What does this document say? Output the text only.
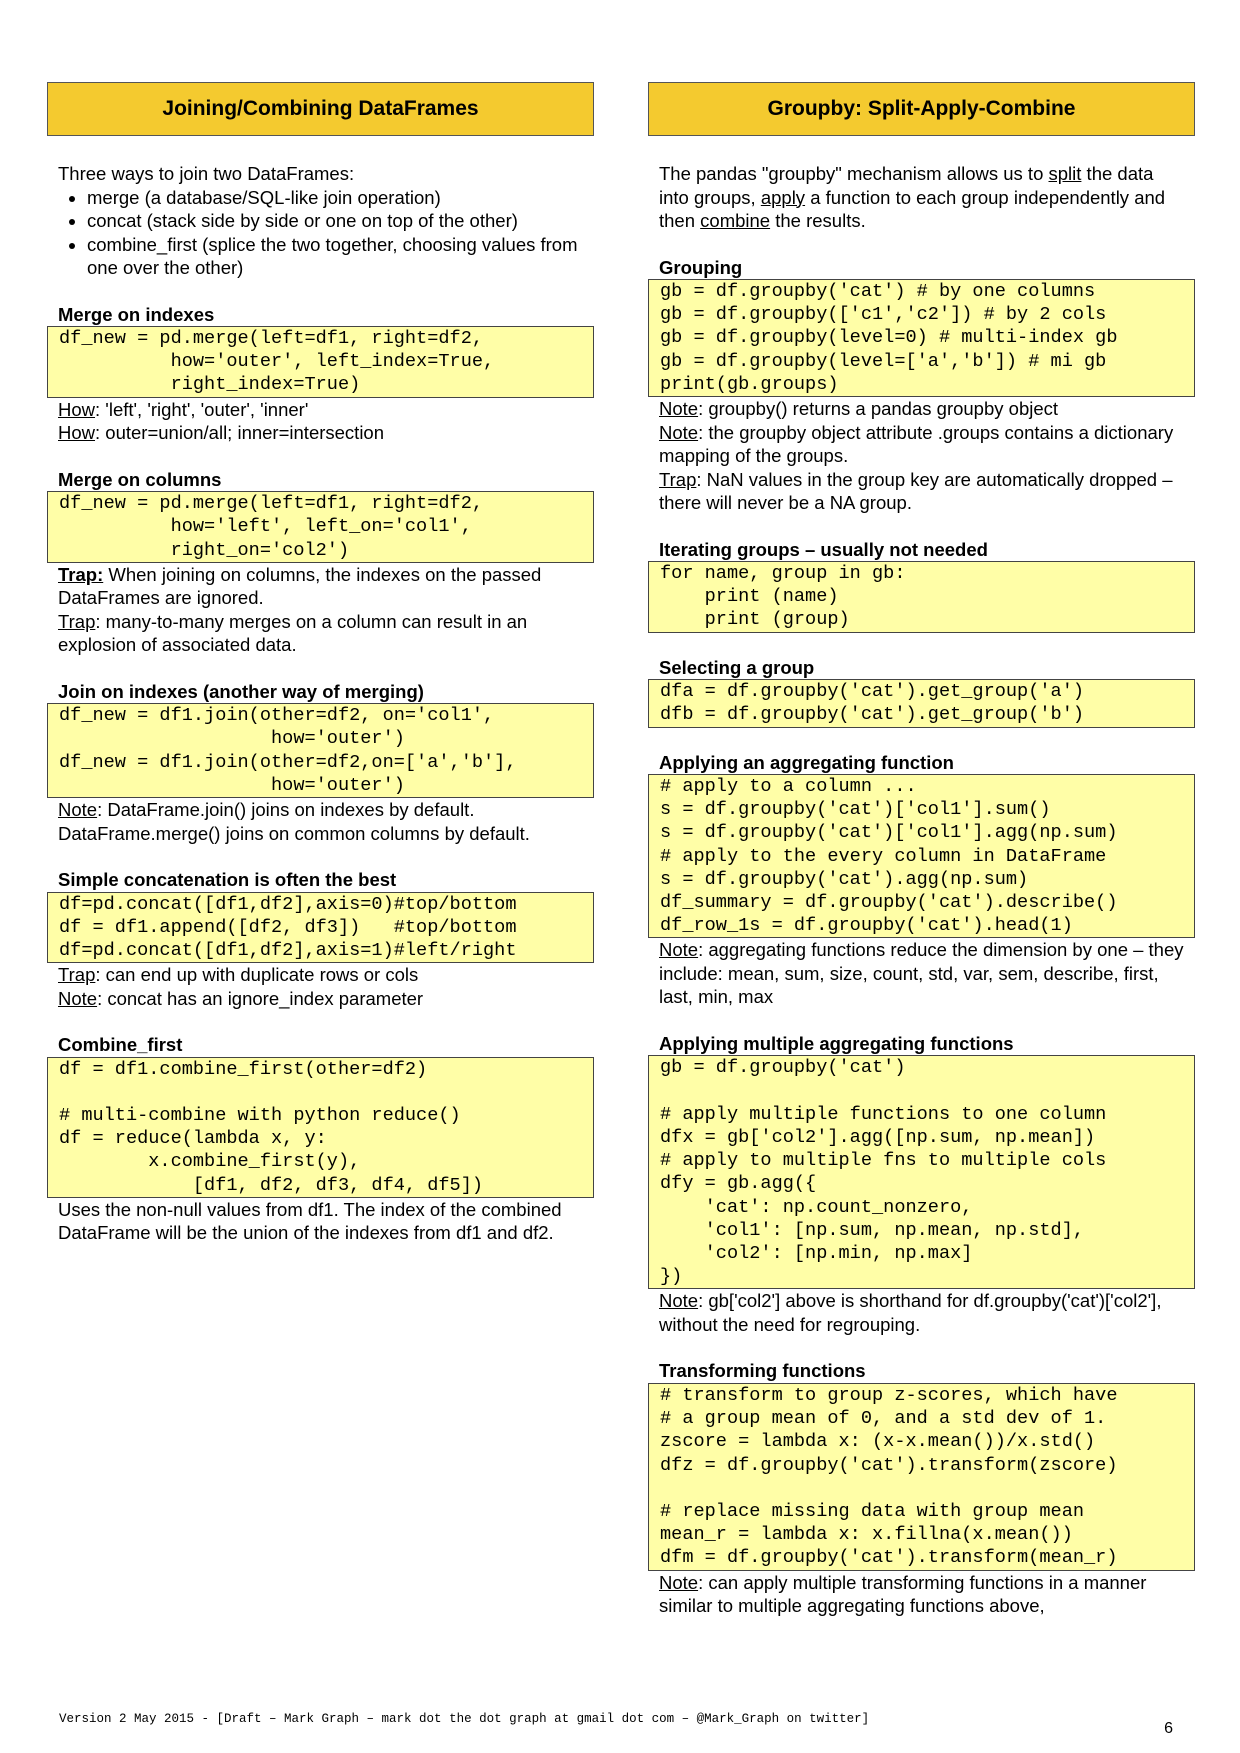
Joining/Combining DataFrames

Three ways to join two DataFrames:

• merge (a database/SQL-like join operation)
• concat (stack side by side or one on top of the other)
• combine_first (splice the two together, choosing values from one over the other)
Merge on indexes
df_new = pd.merge(left=df1, right=df2,
how='outer', left_index=True,
right_index=True)

How: 'left', 'right', 'outer', 'inner'

How: outer=union/all; inner=intersection

Merge on columns
df_new = pd.merge(left=df1, right=df2,
how='left', left_on='col1',
right_on='col2')

Trap: When joining on columns, the indexes on the passed DataFrames are ignored.

Trap: many-to-many merges on a column can result in an explosion of associated data.

Join on indexes (another way of merging)
df_new = df1.join(other=df2, on='col1',
how='outer')
df_new = df1.join(other=df2,on=['a','b'],
how='outer')

Note: DataFrame.join() joins on indexes by default. DataFrame.merge() joins on common columns by default.

Simple concatenation is often the best
df=pd.concat([df1,df2],axis=0)#top/bottom
df = df1.append([df2, df3])   #top/bottom
df=pd.concat([df1,df2],axis=1)#left/right

Trap: can end up with duplicate rows or cols

Note: concat has an ignore_index parameter

Combine_first
df = df1.combine_first(other=df2)

# multi-combine with python reduce()
df = reduce(lambda x, y:
x.combine_first(y),
[df1, df2, df3, df4, df5])

Uses the non-null values from df1. The index of the combined DataFrame will be the union of the indexes from df1 and df2.

Groupby: Split-Apply-Combine

The pandas "groupby" mechanism allows us to split the data into groups, apply a function to each group independently and then combine the results.

Grouping
gb = df.groupby('cat') # by one columns
gb = df.groupby(['c1','c2']) # by 2 cols
gb = df.groupby(level=0) # multi-index gb
gb = df.groupby(level=['a','b']) # mi gb
print(gb.groups)

Note: groupby() returns a pandas groupby object

Note: the groupby object attribute .groups contains a dictionary mapping of the groups.

Trap: NaN values in the group key are automatically dropped – there will never be a NA group.

Iterating groups – usually not needed
for name, group in gb:
print (name)
print (group)
Selecting a group
dfa = df.groupby('cat').get_group('a')
dfb = df.groupby('cat').get_group('b')
Applying an aggregating function
# apply to a column ...
s = df.groupby('cat')['col1'].sum()
s = df.groupby('cat')['col1'].agg(np.sum)
# apply to the every column in DataFrame
s = df.groupby('cat').agg(np.sum)
df_summary = df.groupby('cat').describe()
df_row_1s = df.groupby('cat').head(1)

Note: aggregating functions reduce the dimension by one – they include: mean, sum, size, count, std, var, sem, describe, first, last, min, max

Applying multiple aggregating functions
gb = df.groupby('cat')

# apply multiple functions to one column
dfx = gb['col2'].agg([np.sum, np.mean])
# apply to multiple fns to multiple cols
dfy = gb.agg({
'cat': np.count_nonzero,
'col1': [np.sum, np.mean, np.std],
'col2': [np.min, np.max]
})

Note: gb['col2'] above is shorthand for df.groupby('cat')['col2'], without the need for regrouping.

Transforming functions
# transform to group z-scores, which have
# a group mean of 0, and a std dev of 1.
zscore = lambda x: (x-x.mean())/x.std()
dfz = df.groupby('cat').transform(zscore)

# replace missing data with group mean
mean_r = lambda x: x.fillna(x.mean())
dfm = df.groupby('cat').transform(mean_r)

Note: can apply multiple transforming functions in a manner similar to multiple aggregating functions above,

Version 2 May 2015 - [Draft – Mark Graph – mark dot the dot graph at gmail dot com – @Mark_Graph on twitter]
6
